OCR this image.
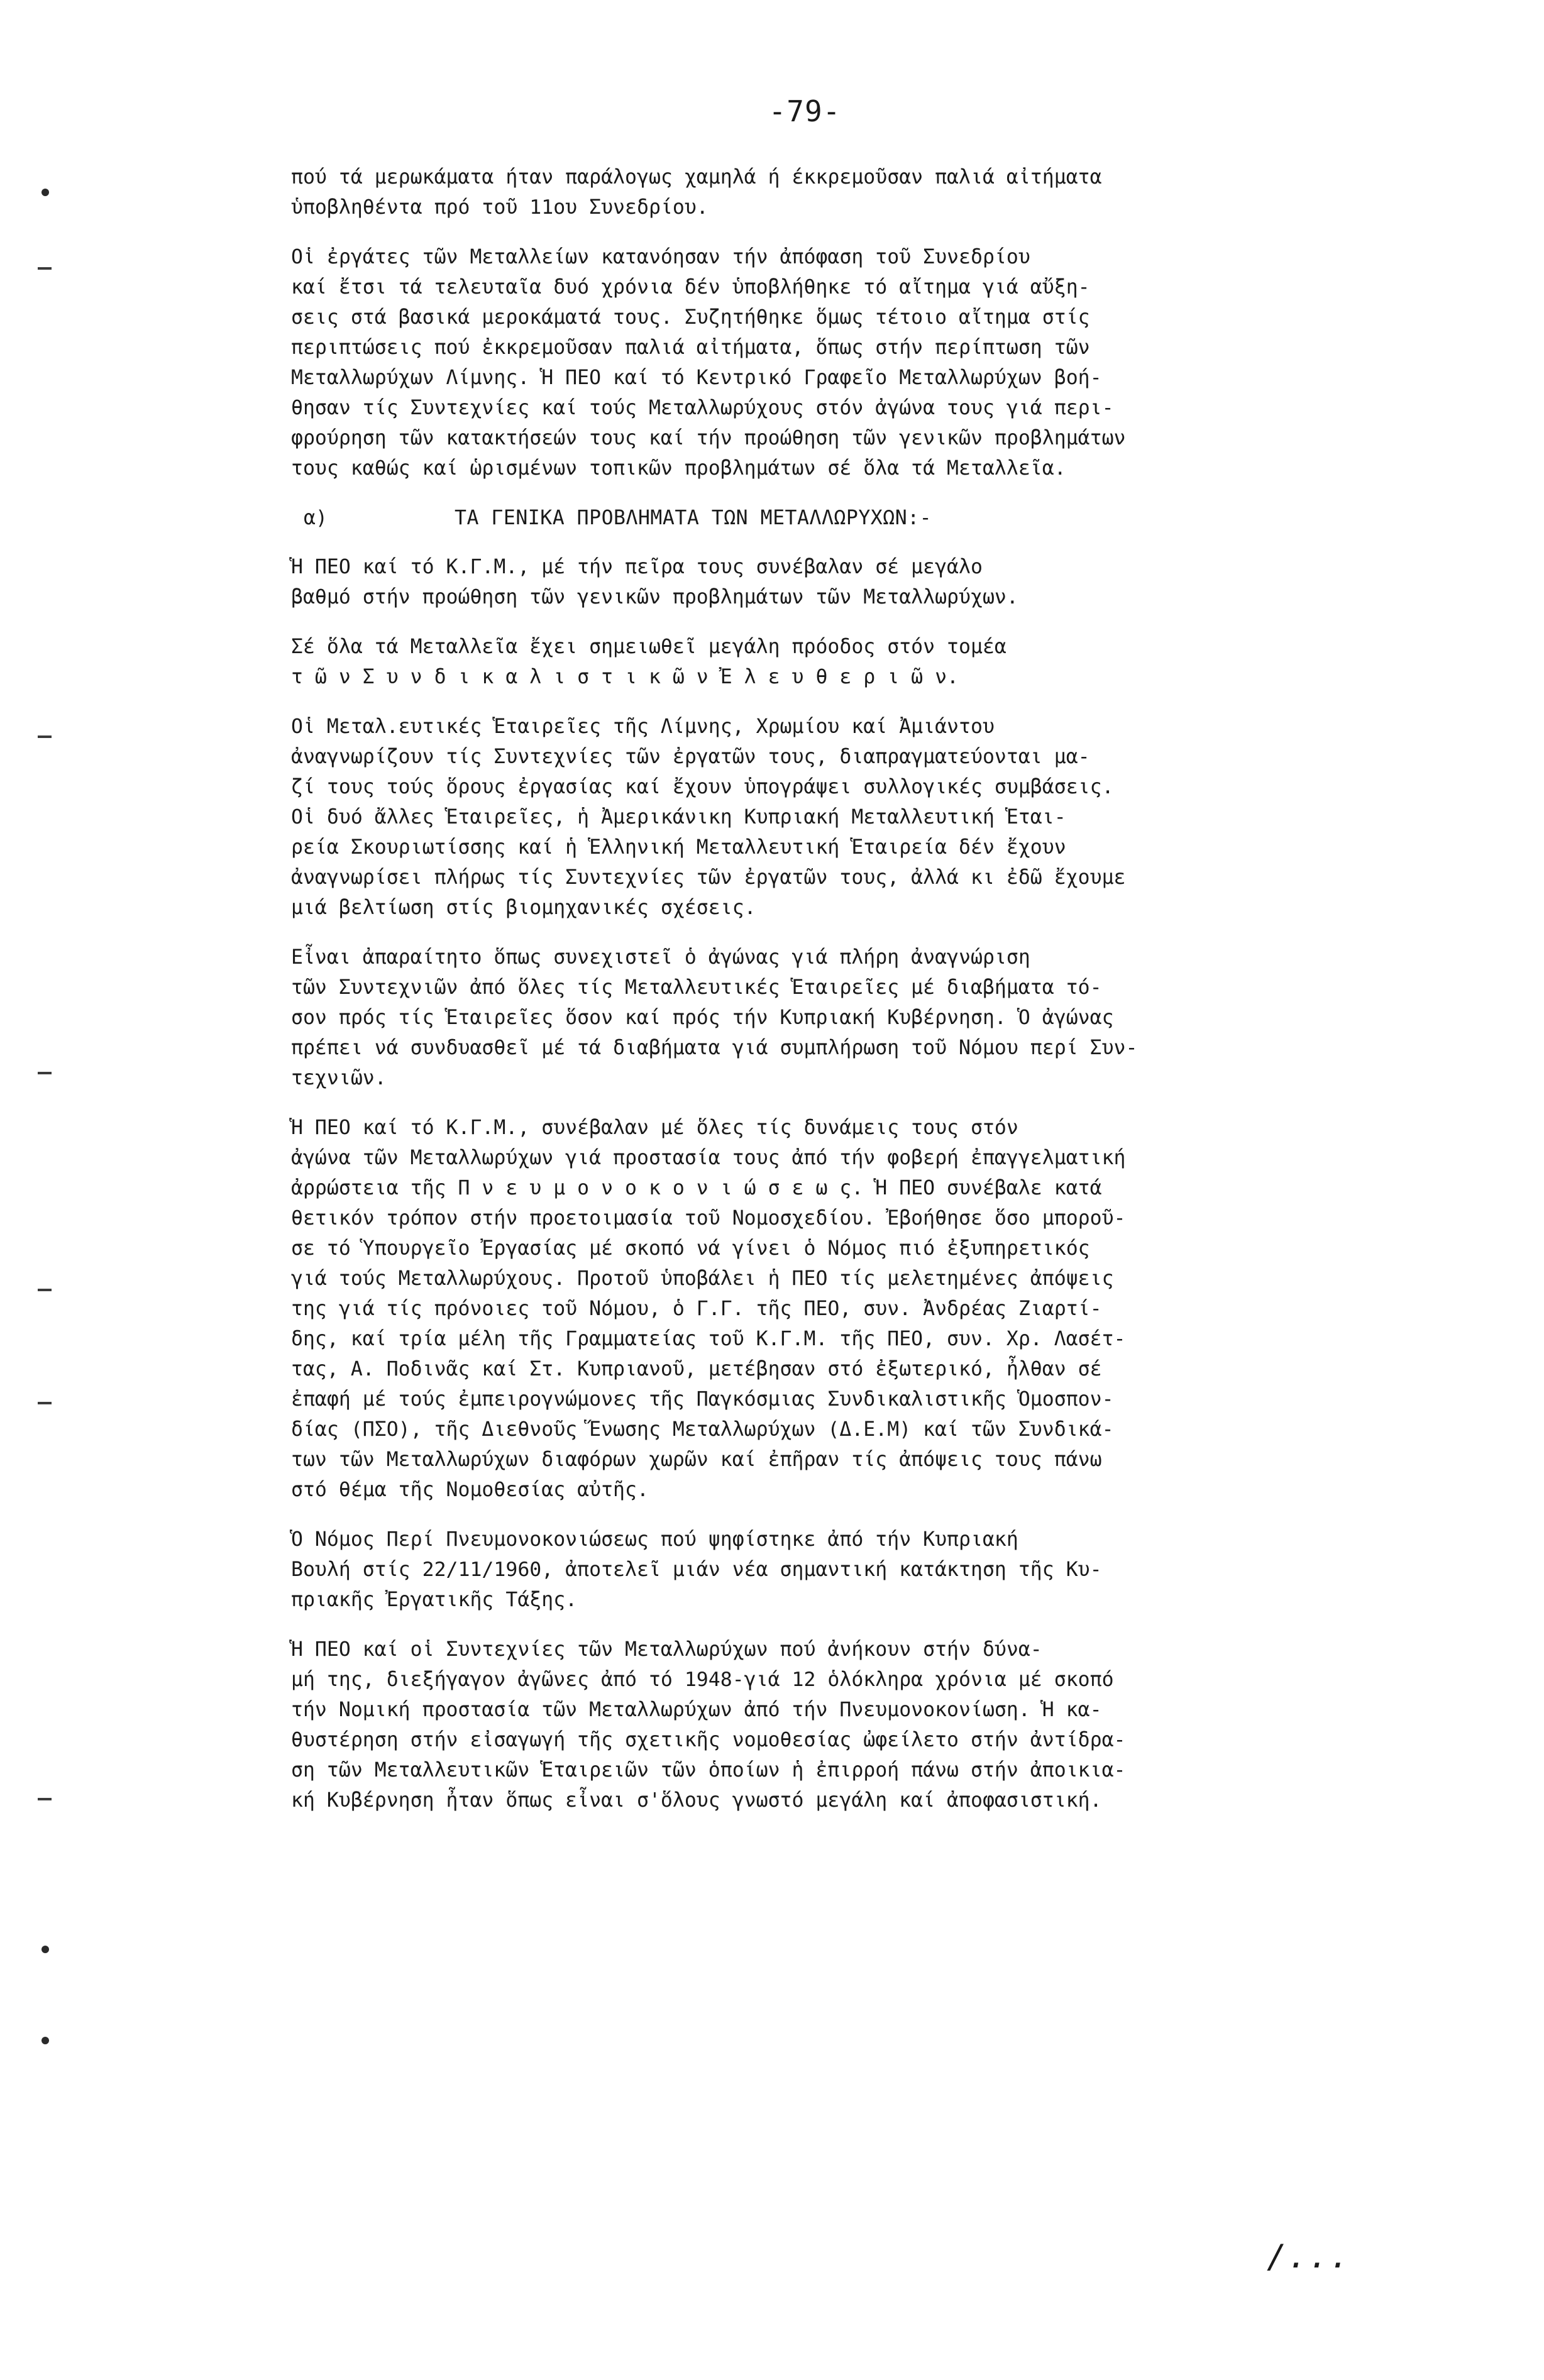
-79-

πού τά μερωκάματα ήταν παράλογως χαμηλά ή έκκρεμοῦσαν παλιά αἰτήματα
ὑποβληθέντα πρό τοῦ 11ου Συνεδρίου.

Οἱ ἐργάτες τῶν Μεταλλείων κατανόησαν τήν ἀπόφαση τοῦ Συνεδρίου
καί ἔτσι τά τελευταῖα δυό χρόνια δέν ὑποβλήθηκε τό αἴτημα γιά αὔξη-
σεις στά βασικά μεροκάματά τους. Συζητήθηκε ὅμως τέτοιο αἴτημα στίς
περιπτώσεις πού ἐκκρεμοῦσαν παλιά αἰτήματα, ὅπως στήν περίπτωση τῶν
Μεταλλωρύχων Λίμνης. Ἡ ΠΕΟ καί τό Κεντρικό Γραφεῖο Μεταλλωρύχων βοή-
θησαν τίς Συντεχνίες καί τούς Μεταλλωρύχους στόν ἀγώνα τους γιά περι-
φρούρηση τῶν κατακτήσεών τους καί τήν προώθηση τῶν γενικῶν προβλημάτων
τους καθώς καί ὡρισμένων τοπικῶν προβλημάτων σέ ὅλα τά Μεταλλεῖα.

α)	ΤΑ ΓΕΝΙΚΑ ΠΡΟΒΛΗΜΑΤΑ ΤΩΝ ΜΕΤΑΛΛΩΡΥΧΩΝ:-

Ἡ ΠΕΟ καί τό Κ.Γ.Μ., μέ τήν πεῖρα τους συνέβαλαν σέ μεγάλο
βαθμό στήν προώθηση τῶν γενικῶν προβλημάτων τῶν Μεταλλωρύχων.

Σέ ὅλα τά Μεταλλεῖα ἔχει σημειωθεῖ μεγάλη πρόοδος στόν τομέα
τ ῶ ν Σ υ ν δ ι κ α λ ι σ τ ι κ ῶ ν Ἐ λ ε υ θ ε ρ ι ῶ ν.

Οἱ Μεταλ.ευτικές Ἑταιρεῖες τῆς Λίμνης, Χρωμίου καί Ἀμιάντου
ἀναγνωρίζουν τίς Συντεχνίες τῶν ἐργατῶν τους, διαπραγματεύονται μα-
ζί τους τούς ὅρους ἐργασίας καί ἔχουν ὑπογράψει συλλογικές συμβάσεις.
Οἱ δυό ἄλλες Ἑταιρεῖες, ἡ Ἀμερικάνικη Κυπριακή Μεταλλευτική Ἑται-
ρεία Σκουριωτίσσης καί ἡ Ἑλληνική Μεταλλευτική Ἑταιρεία δέν ἔχουν
ἀναγνωρίσει πλήρως τίς Συντεχνίες τῶν ἐργατῶν τους, ἀλλά κι ἐδῶ ἔχουμε
μιά βελτίωση στίς βιομηχανικές σχέσεις.

Εἶναι ἀπαραίτητο ὅπως συνεχιστεῖ ὁ ἀγώνας γιά πλήρη ἀναγνώριση
τῶν Συντεχνιῶν ἀπό ὅλες τίς Μεταλλευτικές Ἑταιρεῖες μέ διαβήματα τό-
σον πρός τίς Ἑταιρεῖες ὅσον καί πρός τήν Κυπριακή Κυβέρνηση. Ὁ ἀγώνας
πρέπει νά συνδυασθεῖ μέ τά διαβήματα γιά συμπλήρωση τοῦ Νόμου περί Συν-
τεχνιῶν.

Ἡ ΠΕΟ καί τό Κ.Γ.Μ., συνέβαλαν μέ ὅλες τίς δυνάμεις τους στόν
ἀγώνα τῶν Μεταλλωρύχων γιά προστασία τους ἀπό τήν φοβερή ἐπαγγελματική
ἀρρώστεια τῆς Π ν ε υ μ ο ν ο κ ο ν ι ώ σ ε ω ς. Ἡ ΠΕΟ συνέβαλε κατά
θετικόν τρόπον στήν προετοιμασία τοῦ Νομοσχεδίου. Ἐβοήθησε ὅσο μποροῦ-
σε τό Ὑπουργεῖο Ἐργασίας μέ σκοπό νά γίνει ὁ Νόμος πιό ἐξυπηρετικός
γιά τούς Μεταλλωρύχους. Προτοῦ ὑποβάλει ἡ ΠΕΟ τίς μελετημένες ἀπόψεις
της γιά τίς πρόνοιες τοῦ Νόμου, ὁ Γ.Γ. τῆς ΠΕΟ, συν. Ἀνδρέας Ζιαρτί-
δης, καί τρία μέλη τῆς Γραμματείας τοῦ Κ.Γ.Μ. τῆς ΠΕΟ, συν. Χρ. Λασέτ-
τας, Α. Ποδινᾶς καί Στ. Κυπριανοῦ, μετέβησαν στό ἐξωτερικό, ἦλθαν σέ
ἐπαφή μέ τούς ἐμπειρογνώμονες τῆς Παγκόσμιας Συνδικαλιστικῆς Ὁμοσπον-
δίας (ΠΣΟ), τῆς Διεθνοῦς Ἕνωσης Μεταλλωρύχων (Δ.Ε.Μ) καί τῶν Συνδικά-
των τῶν Μεταλλωρύχων διαφόρων χωρῶν καί ἐπῆραν τίς ἀπόψεις τους πάνω
στό θέμα τῆς Νομοθεσίας αὐτῆς.

Ὁ Νόμος Περί Πνευμονοκονιώσεως πού ψηφίστηκε ἀπό τήν Κυπριακή
Βουλή στίς 22/11/1960, ἀποτελεῖ μιάν νέα σημαντική κατάκτηση τῆς Κυ-
πριακῆς Ἐργατικῆς Τάξης.

Ἡ ΠΕΟ καί οἱ Συντεχνίες τῶν Μεταλλωρύχων πού ἀνήκουν στήν δύνα-
μή της, διεξήγαγον ἀγῶνες ἀπό τό 1948-γιά 12 ὁλόκληρα χρόνια μέ σκοπό
τήν Νομική προστασία τῶν Μεταλλωρύχων ἀπό τήν Πνευμονοκονίωση. Ἡ κα-
θυστέρηση στήν εἰσαγωγή τῆς σχετικῆς νομοθεσίας ὠφείλετο στήν ἀντίδρα-
ση τῶν Μεταλλευτικῶν Ἑταιρειῶν τῶν ὁποίων ἡ ἐπιρροή πάνω στήν ἀποικια-
κή Κυβέρνηση ἦταν ὅπως εἶναι σ'ὅλους γνωστό μεγάλη καί ἀποφασιστική.

/...
